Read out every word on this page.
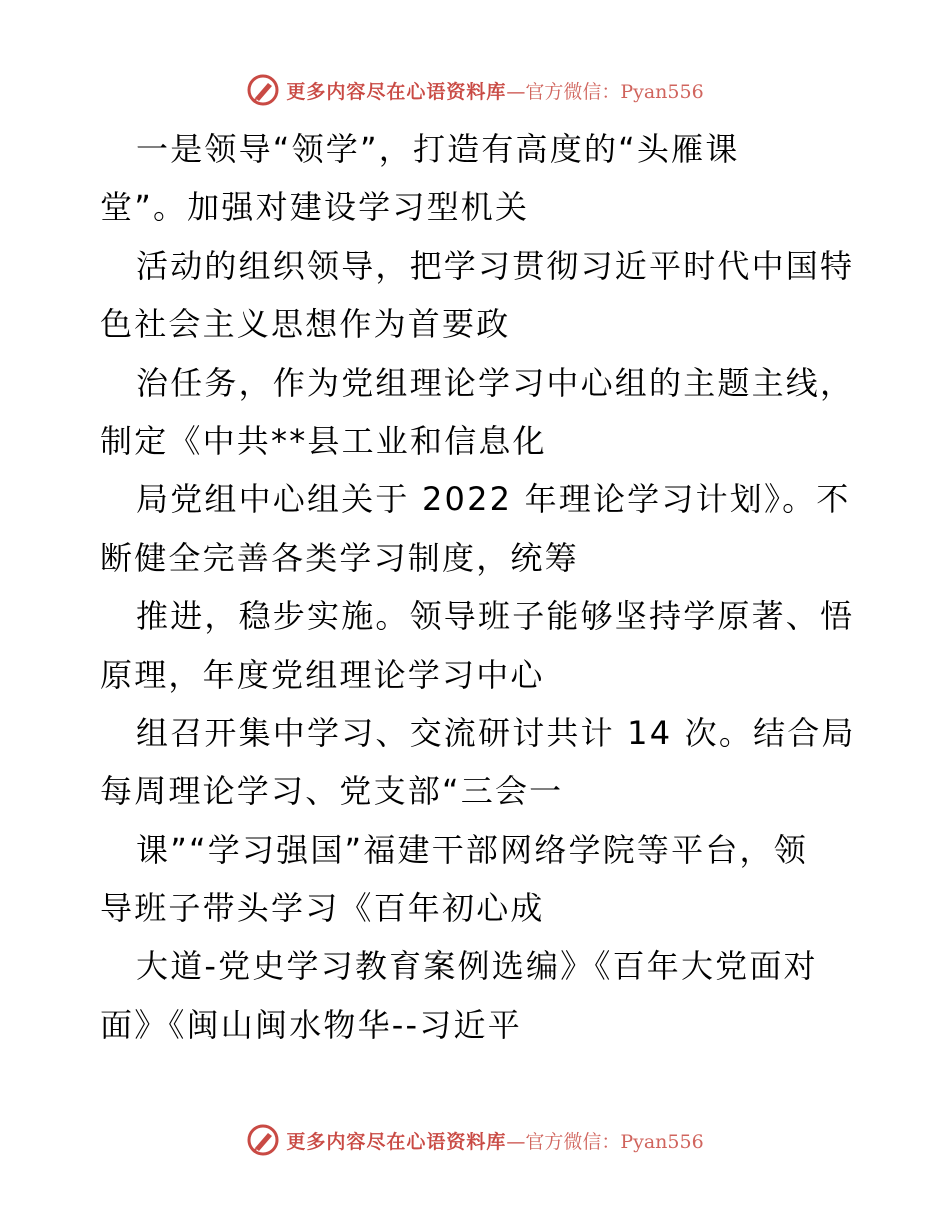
更多内容尽在心语资料库—官方微信：Pyan556
一是领导“领学”，打造有高度的“头雁课
堂”。加强对建设学习型机关
活动的组织领导，把学习贯彻习近平时代中国特
色社会主义思想作为首要政
治任务，作为党组理论学习中心组的主题主线，
制定《中共**县工业和信息化
局党组中心组关于 2022 年理论学习计划》。不
断健全完善各类学习制度，统筹
推进，稳步实施。领导班子能够坚持学原著、悟
原理，年度党组理论学习中心
组召开集中学习、交流研讨共计 14 次。结合局
每周理论学习、党支部“三会一
课”“学习强国”福建干部网络学院等平台，领
导班子带头学习《百年初心成
大道-党史学习教育案例选编》《百年大党面对
面》《闽山闽水物华--习近平
更多内容尽在心语资料库—官方微信：Pyan556
